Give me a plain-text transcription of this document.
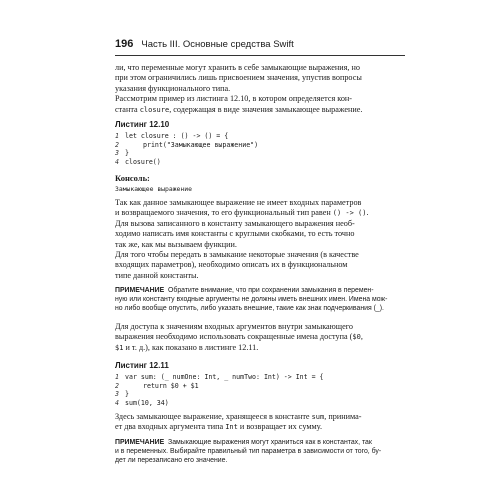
196 Часть III. Основные средства Swift

ли, что переменные могут хранить в себе замыкающие выражения, но

при этом ограничились лишь присвоением значения, упустив вопросы

указания функционального типа.

Рассмотрим пример из листинга 12.10, в котором определяется кон-

станта closure, содержащая в виде значения замыкающее выражение.

Листинг 12.10
1 let closure : () -> () = {
2	print("Замыкающее выражение")
3 }
4 closure()
Консоль:
Замыкающее выражение

Так как данное замыкающее выражение не имеет входных параметров

и возвращаемого значения, то его функциональный тип равен () -> ().

Для вызова записанного в константу замыкающего выражения необ-

ходимо написать имя константы с круглыми скобками, то есть точно

так же, как мы вызываем функции.

Для того чтобы передать в замыкание некоторые значения (в качестве

входящих параметров), необходимо описать их в функциональном

типе данной константы.

ПРИМЕЧАНИЕ Обратите внимание, что при сохранении замыкания в перемен-
ную или константу входные аргументы не должны иметь внешних имен. Имена мож-
но либо вообще опустить, либо указать внешние, такие как знак подчеркивания (_).

Для доступа к значениям входных аргументов внутри замыкающего

выражения необходимо использовать сокращенные имена доступа ($0,

$1 и т. д.), как показано в листинге 12.11.

Листинг 12.11
1 var sum: (_ numOne: Int, _ numTwo: Int) -> Int = {
2	return $0 + $1
3 }
4 sum(10, 34)

Здесь замыкающее выражение, хранящееся в константе sum, принима-

ет два входных аргумента типа Int и возвращает их сумму.

ПРИМЕЧАНИЕ Замыкающие выражения могут храниться как в константах, так
и в переменных. Выбирайте правильный тип параметра в зависимости от того, бу-
дет ли перезаписано его значение.
